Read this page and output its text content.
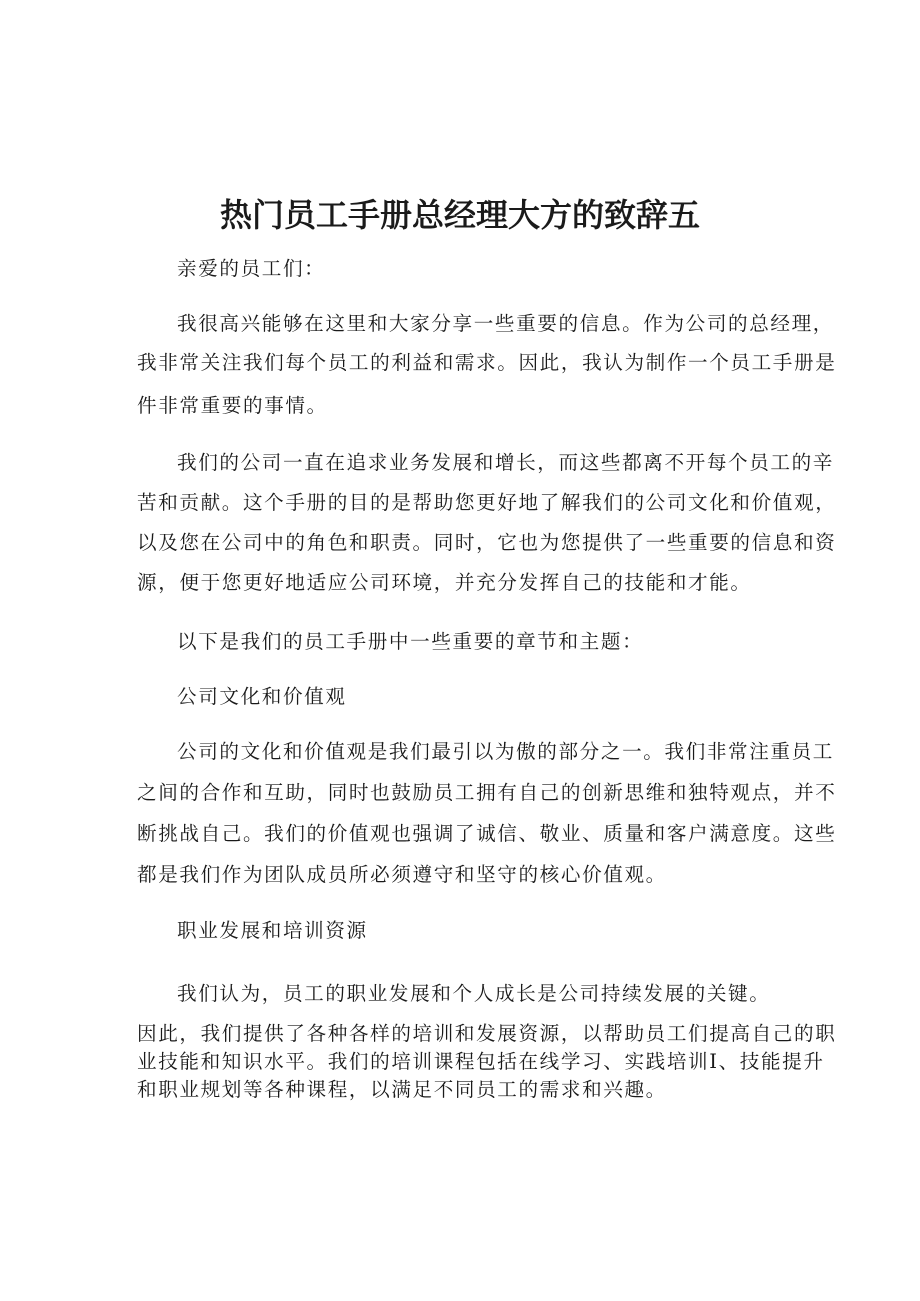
热门员工手册总经理大方的致辞五

亲爱的员工们：

我很高兴能够在这里和大家分享一些重要的信息。作为公司的总经理，

我非常关注我们每个员工的利益和需求。因此，我认为制作一个员工手册是

件非常重要的事情。

我们的公司一直在追求业务发展和增长，而这些都离不开每个员工的辛

苦和贡献。这个手册的目的是帮助您更好地了解我们的公司文化和价值观，

以及您在公司中的角色和职责。同时，它也为您提供了一些重要的信息和资

源，便于您更好地适应公司环境，并充分发挥自己的技能和才能。

以下是我们的员工手册中一些重要的章节和主题：

公司文化和价值观

公司的文化和价值观是我们最引以为傲的部分之一。我们非常注重员工

之间的合作和互助，同时也鼓励员工拥有自己的创新思维和独特观点，并不

断挑战自己。我们的价值观也强调了诚信、敬业、质量和客户满意度。这些

都是我们作为团队成员所必须遵守和坚守的核心价值观。

职业发展和培训资源

我们认为，员工的职业发展和个人成长是公司持续发展的关键。

因此，我们提供了各种各样的培训和发展资源，以帮助员工们提高自己的职

业技能和知识水平。我们的培训课程包括在线学习、实践培训Ⅰ、技能提升

和职业规划等各种课程，以满足不同员工的需求和兴趣。
